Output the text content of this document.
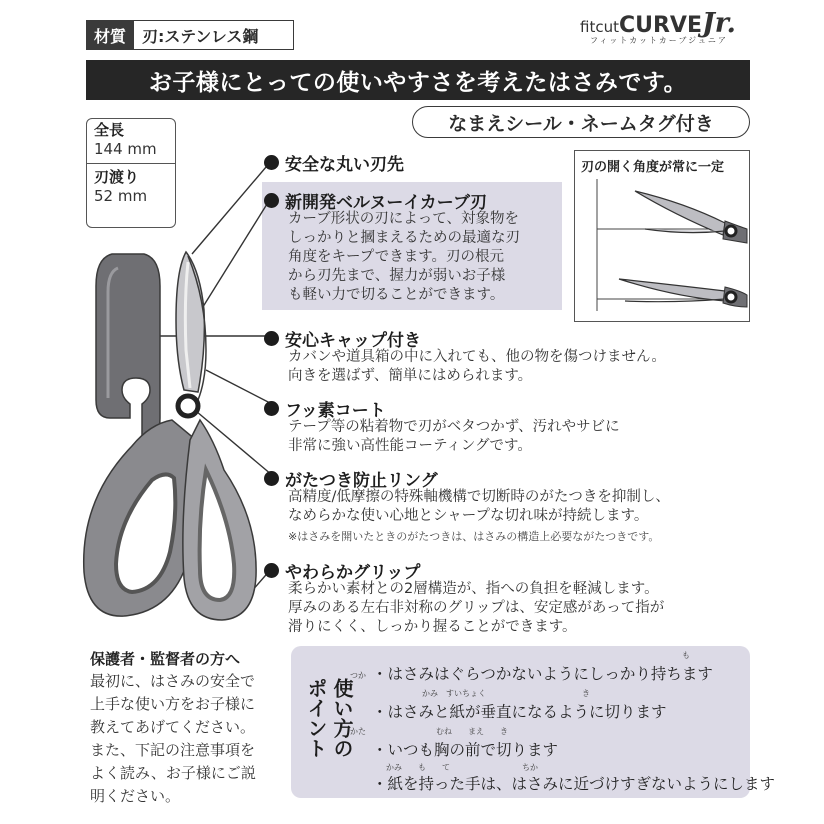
材質	刃:ステンレス鋼	fitcutCURVEJr.
フィットカットカーブジュニア
お子様にとっての使いやすさを考えたはさみです。
なまえシール・ネームタグ付き
全長
144 mm
刃渡り
52 mm
安全な丸い刃先
新開発ベルヌーイカーブ刃
カーブ形状の刃によって、対象物を
しっかりと摑まえるための最適な刃
角度をキープできます。刃の根元
から刃先まで、握力が弱いお子様
も軽い力で切ることができます。
安心キャップ付き
カバンや道具箱の中に入れても、他の物を傷つけません。
向きを選ばず、簡単にはめられます。
フッ素コート
テープ等の粘着物で刃がベタつかず、汚れやサビに
非常に強い高性能コーティングです。
がたつき防止リング
高精度/低摩擦の特殊軸機構で切断時のがたつきを抑制し、
なめらかな使い心地とシャープな切れ味が持続します。
※はさみを開いたときのがたつきは、はさみの構造上必要ながたつきです。
やわらかグリップ
柔らかい素材との2層構造が、指への負担を軽減します。
厚みのある左右非対称のグリップは、安定感があって指が
滑りにくく、しっかり握ることができます。
刃の開く角度が常に一定
保護者・監督者の方へ
最初に、はさみの安全で
上手な使い方をお子様に
教えてあげてください。
また、下記の注意事項を
よく読み、お子様にご説
明ください。
使い方の
ポイント
つか
かた
も
・はさみはぐらつかないようにしっかり持ちます
かみ　すいちょく　　　　　　　　　　　　き
・はさみと紙が垂直になるように切ります
むね　　まえ　　き
・いつも胸の前で切ります
かみ　　も　　て　　　　　　　　　ちか
・紙を持った手は、はさみに近づけすぎないようにします
